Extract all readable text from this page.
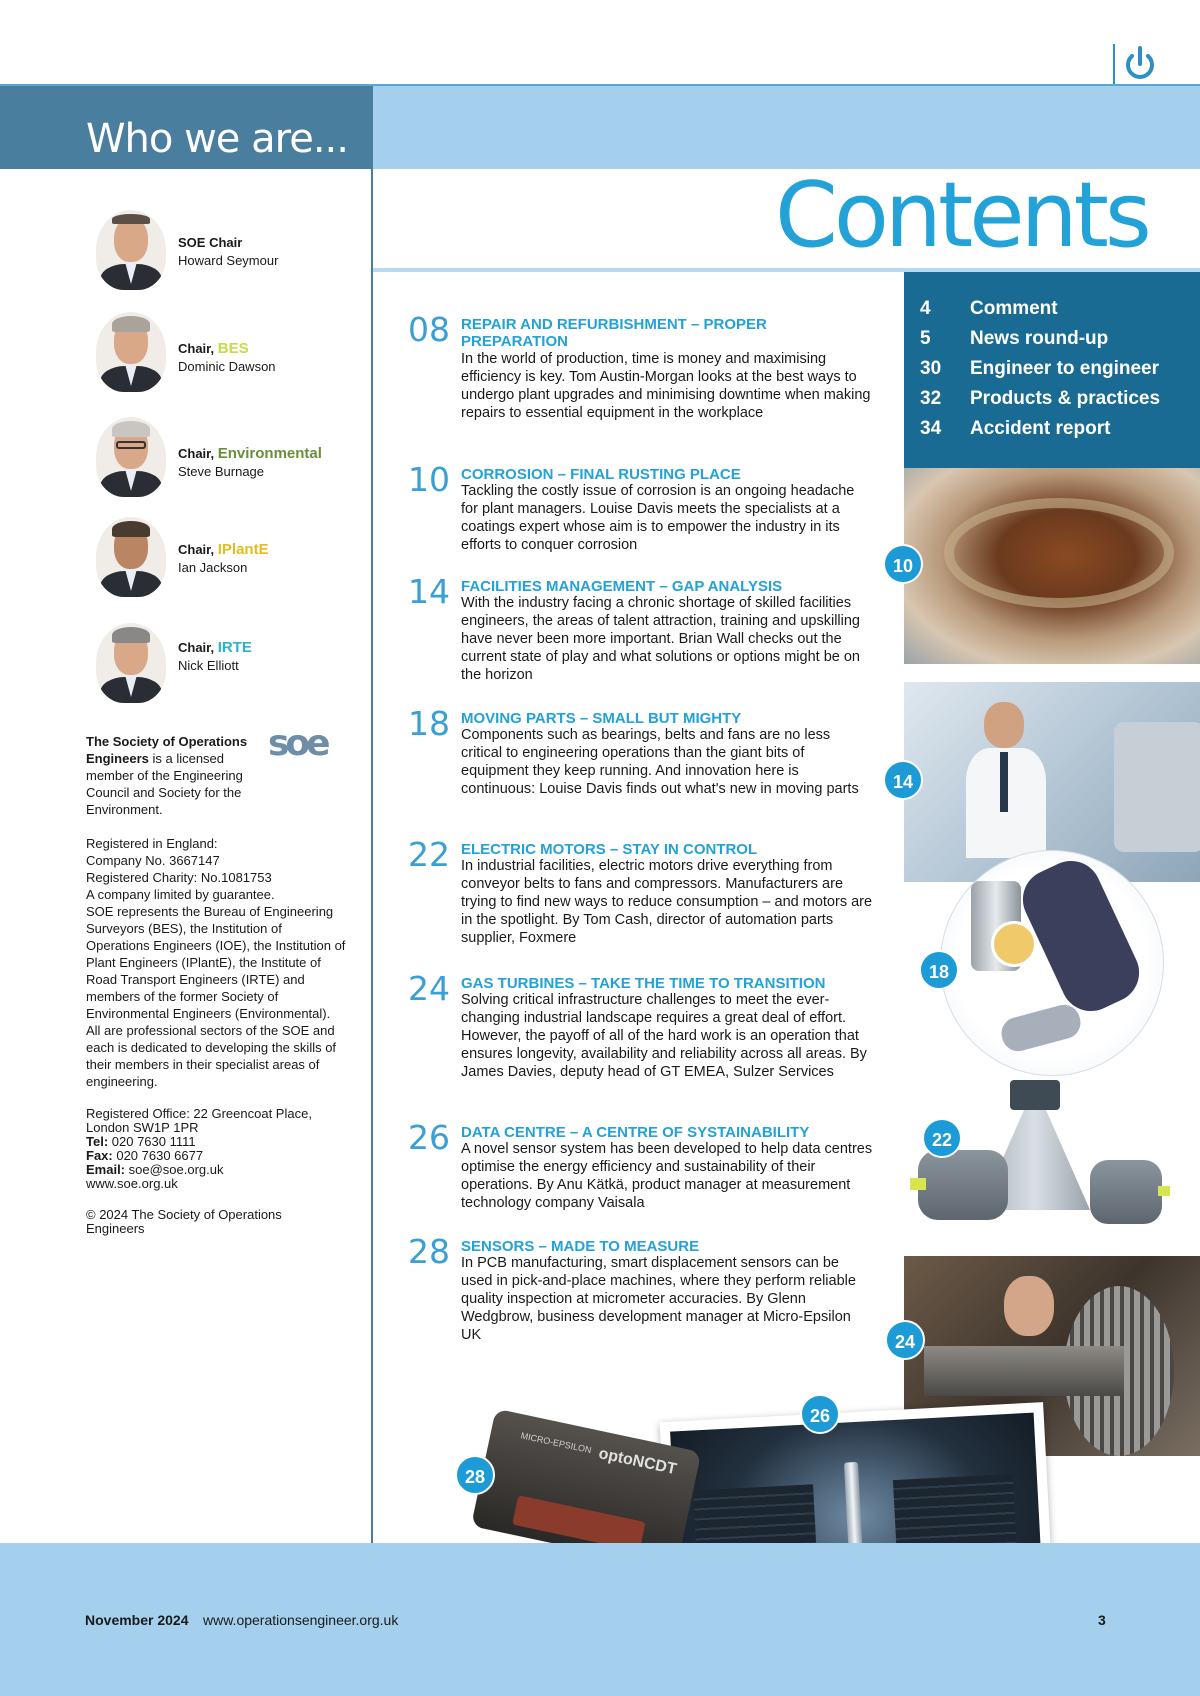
Who we are...
Contents
SOE Chair
Howard Seymour
Chair, BES
Dominic Dawson
Chair, Environmental
Steve Burnage
Chair, IPlantE
Ian Jackson
Chair, IRTE
Nick Elliott
soe

The Society of Operations Engineers is a licensed member of the Engineering Council and Society for the Environment.

Registered in England:
Company No. 3667147
Registered Charity: No.1081753
A company limited by guarantee.
SOE represents the Bureau of Engineering Surveyors (BES), the Institution of Operations Engineers (IOE), the Institution of Plant Engineers (IPlantE), the Institute of Road Transport Engineers (IRTE) and members of the former Society of Environmental Engineers (Environmental). All are professional sectors of the SOE and each is dedicated to developing the skills of their members in their specialist areas of engineering.

Registered Office: 22 Greencoat Place,
London SW1P 1PR
Tel: 020 7630 1111
Fax: 020 7630 6677
Email: soe@soe.org.uk
www.soe.org.uk

© 2024 The Society of Operations Engineers

08 REPAIR AND REFURBISHMENT – PROPER PREPARATION
In the world of production, time is money and maximising efficiency is key. Tom Austin-Morgan looks at the best ways to undergo plant upgrades and minimising downtime when making repairs to essential equipment in the workplace
10 CORROSION – FINAL RUSTING PLACE
Tackling the costly issue of corrosion is an ongoing headache for plant managers. Louise Davis meets the specialists at a coatings expert whose aim is to empower the industry in its efforts to conquer corrosion
14 FACILITIES MANAGEMENT – GAP ANALYSIS
With the industry facing a chronic shortage of skilled facilities engineers, the areas of talent attraction, training and upskilling have never been more important. Brian Wall checks out the current state of play and what solutions or options might be on the horizon
18 MOVING PARTS – SMALL BUT MIGHTY
Components such as bearings, belts and fans are no less critical to engineering operations than the giant bits of equipment they keep running. And innovation here is continuous: Louise Davis finds out what's new in moving parts
22 ELECTRIC MOTORS – STAY IN CONTROL
In industrial facilities, electric motors drive everything from conveyor belts to fans and compressors. Manufacturers are trying to find new ways to reduce consumption – and motors are in the spotlight. By Tom Cash, director of automation parts supplier, Foxmere
24 GAS TURBINES – TAKE THE TIME TO TRANSITION
Solving critical infrastructure challenges to meet the ever-changing industrial landscape requires a great deal of effort. However, the payoff of all of the hard work is an operation that ensures longevity, availability and reliability across all areas. By James Davies, deputy head of GT EMEA, Sulzer Services
26 DATA CENTRE – A CENTRE OF SYSTAINABILITY
A novel sensor system has been developed to help data centres optimise the energy efficiency and sustainability of their operations. By Anu Kätkä, product manager at measurement technology company Vaisala
28 SENSORS – MADE TO MEASURE
In PCB manufacturing, smart displacement sensors can be used in pick-and-place machines, where they perform reliable quality inspection at micrometer accuracies. By Glenn Wedgbrow, business development manager at Micro-Epsilon UK
4	Comment
5	News round-up
30	Engineer to engineer
32	Products & practices
34	Accident report
MICRO-EPSILON
optoNCDT
10
14
18
22
24
26
28
November 2024 www.operationsengineer.org.uk	3
